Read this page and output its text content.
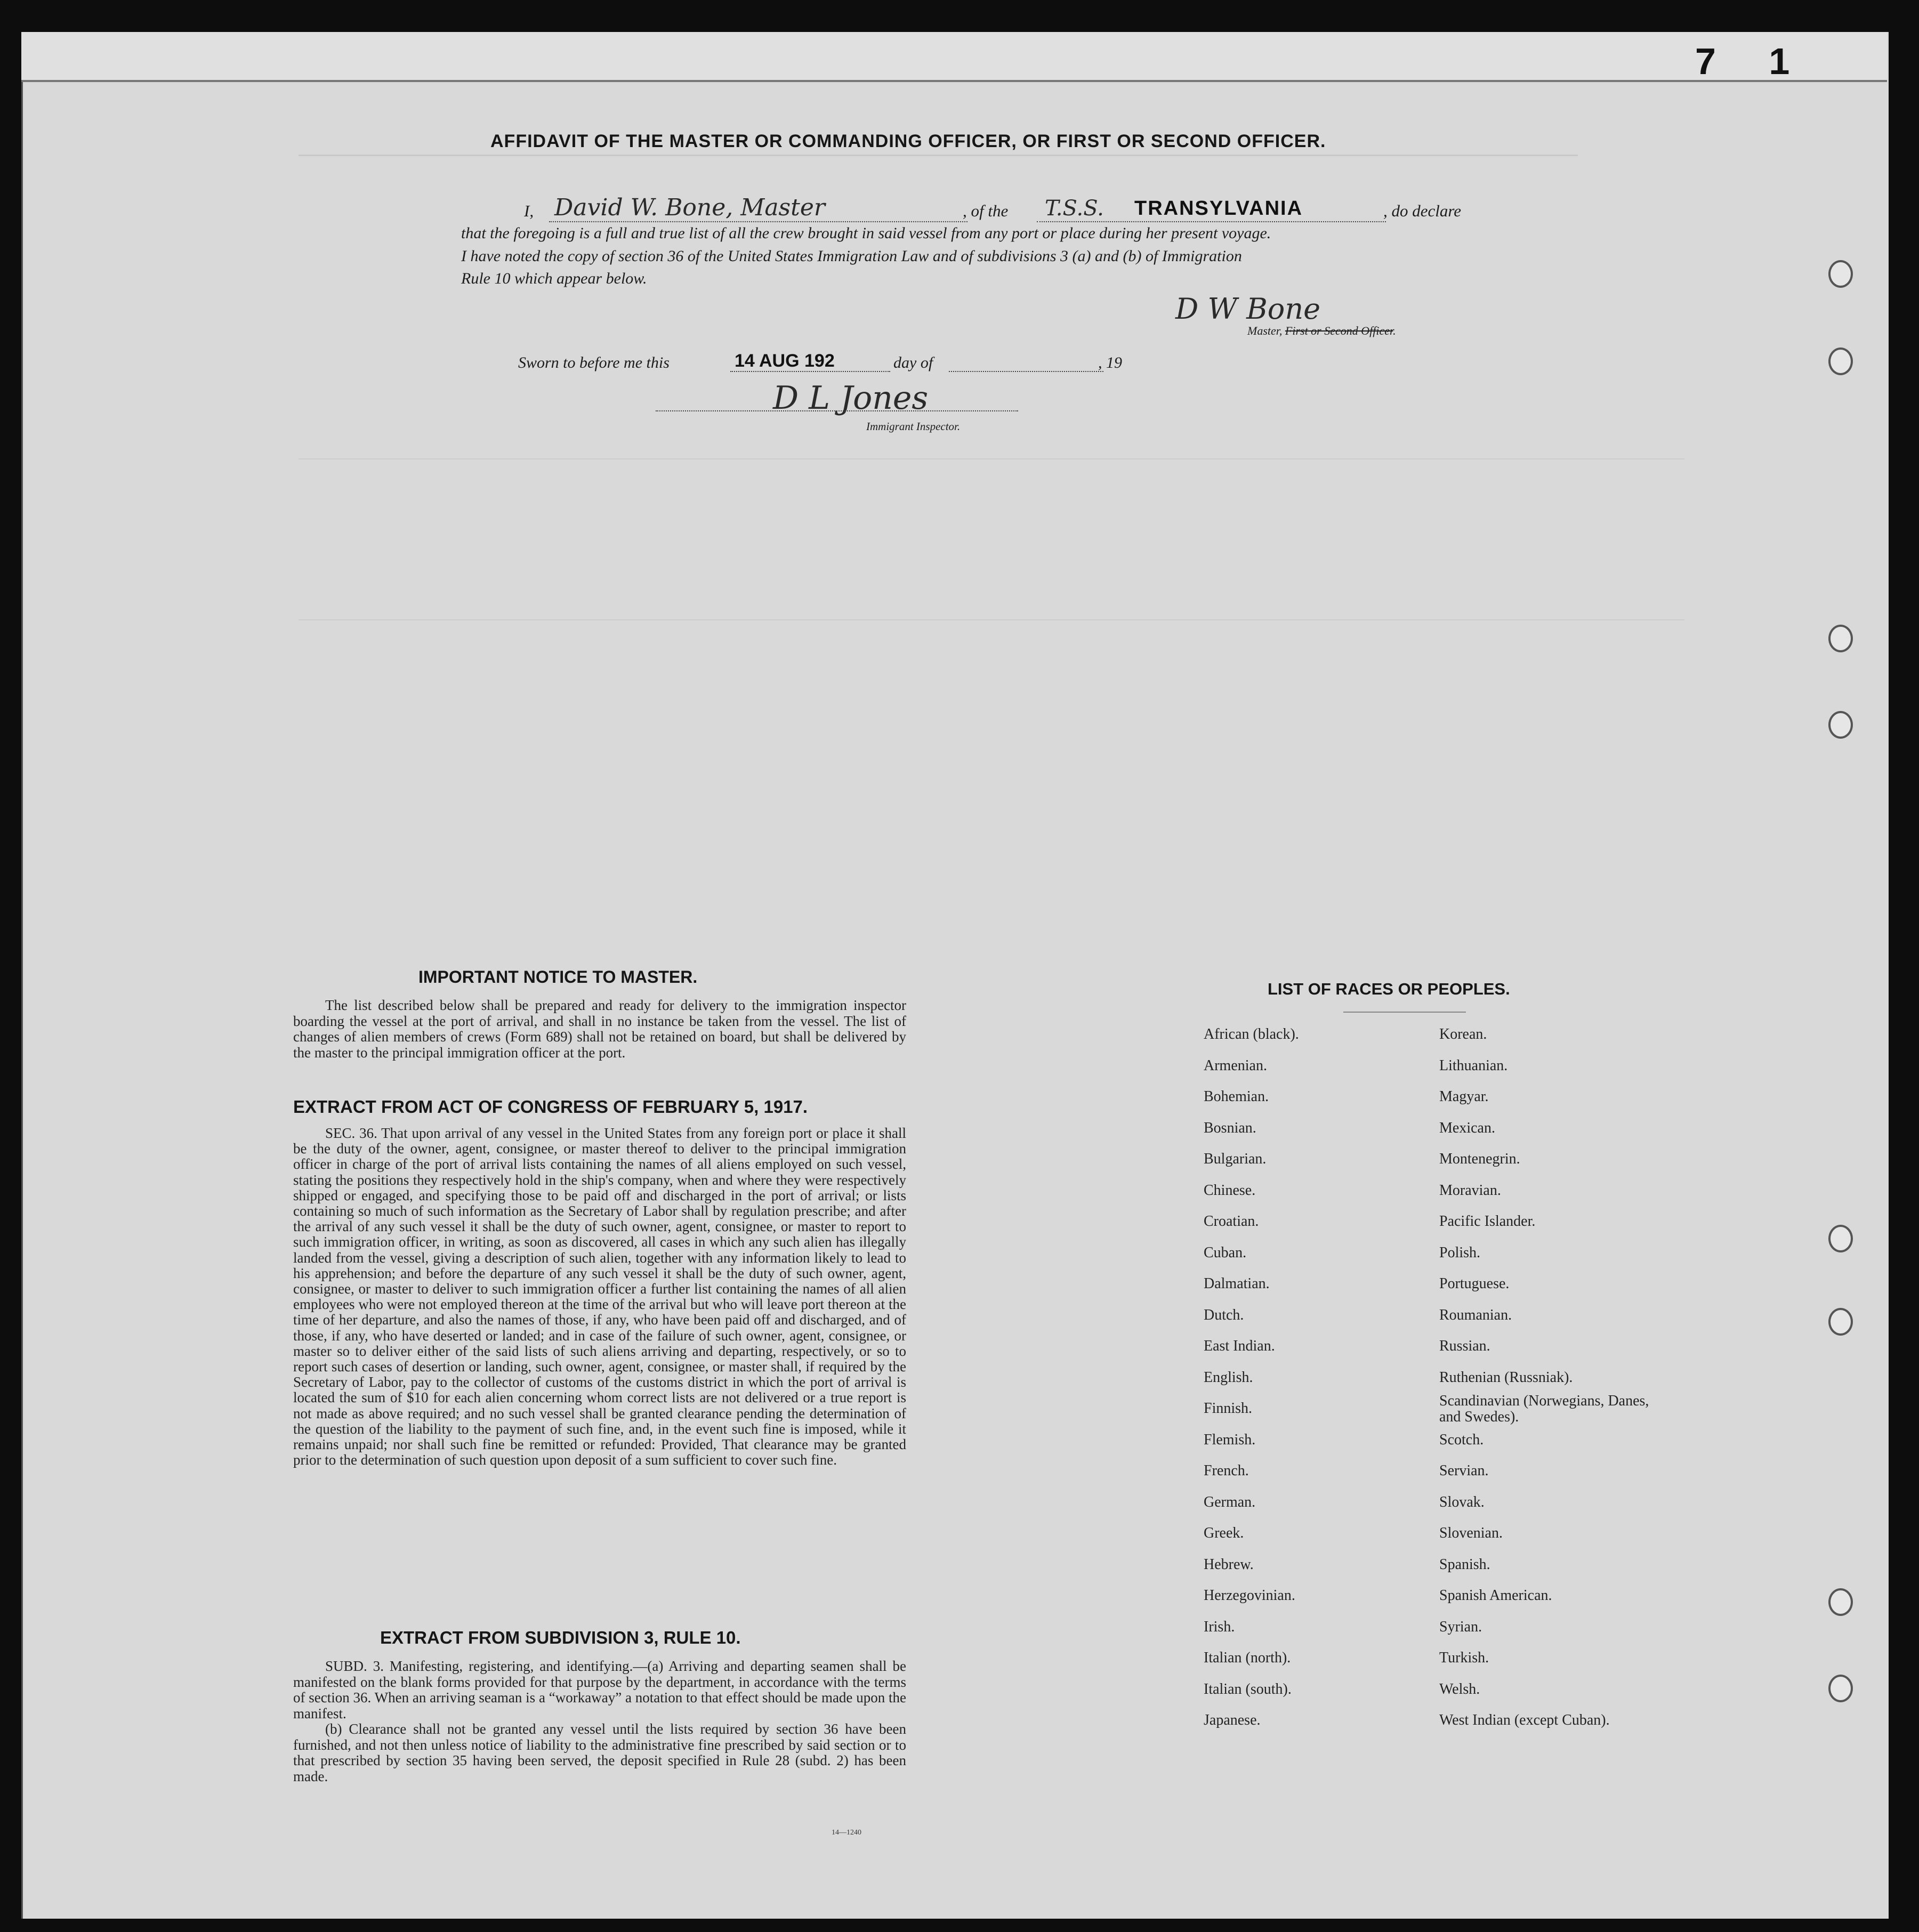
7 1
AFFIDAVIT OF THE MASTER OR COMMANDING OFFICER, OR FIRST OR SECOND OFFICER.
I, David W. Bone, Master	, of the T.S.S. TRANSYLVANIA	, do declare
that the foregoing is a full and true list of all the crew brought in said vessel from any port or place during her present voyage.
I have noted the copy of section 36 of the United States Immigration Law and of subdivisions 3 (a) and (b) of Immigration
Rule 10 which appear below.
D W Bone
Master, First or Second Officer.
Sworn to before me this	14 AUG 192	day of	, 19
D L Jones
Immigrant Inspector.
IMPORTANT NOTICE TO MASTER.

The list described below shall be prepared and ready for delivery to the immigration inspector boarding the vessel at the port of arrival, and shall in no instance be taken from the vessel. The list of changes of alien members of crews (Form 689) shall not be retained on board, but shall be delivered by the master to the principal immigration officer at the port.

EXTRACT FROM ACT OF CONGRESS OF FEBRUARY 5, 1917.

SEC. 36. That upon arrival of any vessel in the United States from any foreign port or place it shall be the duty of the owner, agent, consignee, or master thereof to deliver to the principal immigration officer in charge of the port of arrival lists containing the names of all aliens employed on such vessel, stating the positions they respectively hold in the ship's company, when and where they were respectively shipped or engaged, and specifying those to be paid off and discharged in the port of arrival; or lists containing so much of such information as the Secretary of Labor shall by regulation prescribe; and after the arrival of any such vessel it shall be the duty of such owner, agent, consignee, or master to report to such immigration officer, in writing, as soon as discovered, all cases in which any such alien has illegally landed from the vessel, giving a description of such alien, together with any information likely to lead to his apprehension; and before the departure of any such vessel it shall be the duty of such owner, agent, consignee, or master to deliver to such immigration officer a further list containing the names of all alien employees who were not employed thereon at the time of the arrival but who will leave port thereon at the time of her departure, and also the names of those, if any, who have been paid off and discharged, and of those, if any, who have deserted or landed; and in case of the failure of such owner, agent, consignee, or master so to deliver either of the said lists of such aliens arriving and departing, respectively, or so to report such cases of desertion or landing, such owner, agent, consignee, or master shall, if required by the Secretary of Labor, pay to the collector of customs of the customs district in which the port of arrival is located the sum of $10 for each alien concerning whom correct lists are not delivered or a true report is not made as above required; and no such vessel shall be granted clearance pending the determination of the question of the liability to the payment of such fine, and, in the event such fine is imposed, while it remains unpaid; nor shall such fine be remitted or refunded: Provided, That clearance may be granted prior to the determination of such question upon deposit of a sum sufficient to cover such fine.

EXTRACT FROM SUBDIVISION 3, RULE 10.

SUBD. 3. Manifesting, registering, and identifying.—(a) Arriving and departing seamen shall be manifested on the blank forms provided for that purpose by the department, in accordance with the terms of section 36. When an arriving seaman is a “workaway” a notation to that effect should be made upon the manifest.

(b) Clearance shall not be granted any vessel until the lists required by section 36 have been furnished, and not then unless notice of liability to the administrative fine prescribed by said section or to that prescribed by section 35 having been served, the deposit specified in Rule 28 (subd. 2) has been made.

14—1240
LIST OF RACES OR PEOPLES.
African (black).
Armenian.
Bohemian.
Bosnian.
Bulgarian.
Chinese.
Croatian.
Cuban.
Dalmatian.
Dutch.
East Indian.
English.
Finnish.
Flemish.
French.
German.
Greek.
Hebrew.
Herzegovinian.
Irish.
Italian (north).
Italian (south).
Japanese.
Korean.
Lithuanian.
Magyar.
Mexican.
Montenegrin.
Moravian.
Pacific Islander.
Polish.
Portuguese.
Roumanian.
Russian.
Ruthenian (Russniak).
Scandinavian (Norwegians, Danes, and Swedes).
Scotch.
Servian.
Slovak.
Slovenian.
Spanish.
Spanish American.
Syrian.
Turkish.
Welsh.
West Indian (except Cuban).
